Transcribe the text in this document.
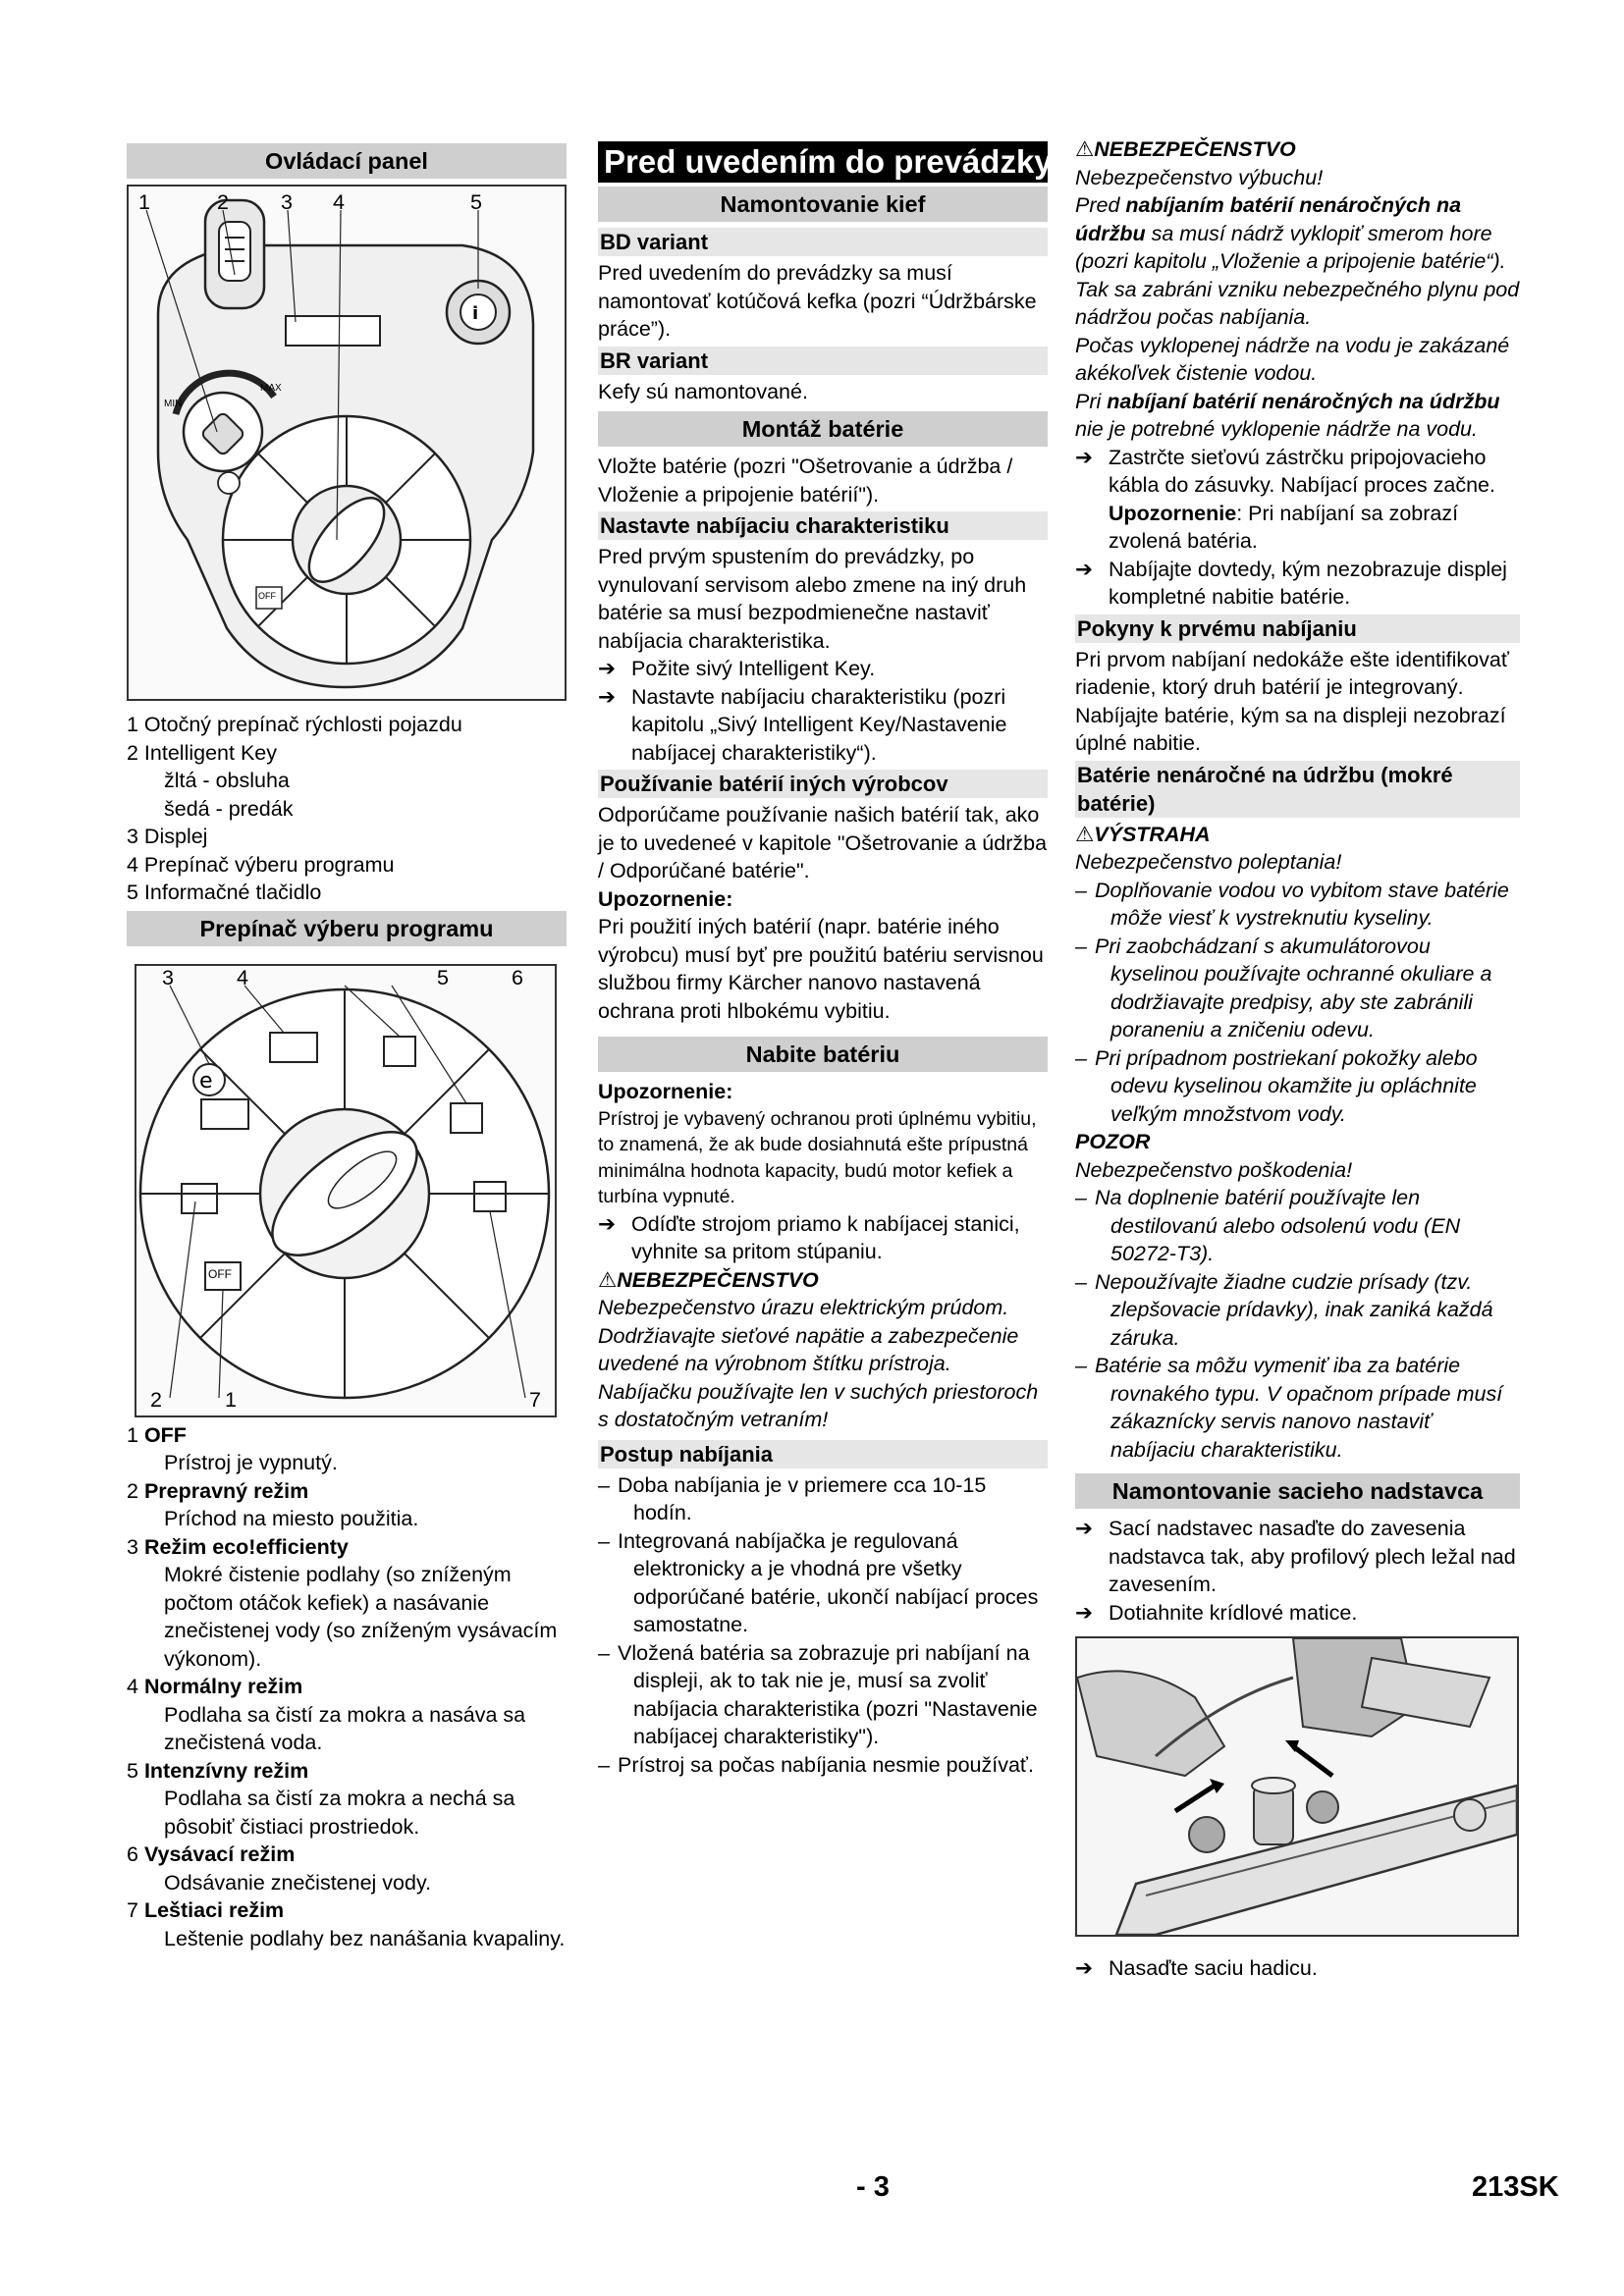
Ovládací panel
i
1	2 3 4	5
MIN
MAX
OFF

1 Otočný prepínač rýchlosti pojazdu

2 Intelligent Key

žltá - obsluha

šedá - predák

3 Displej

4 Prepínač výberu programu

5 Informačné tlačidlo

Prepínač výberu programu
e
3	4	5	6
2	1	7
OFF

1 OFF

Prístroj je vypnutý.

2 Prepravný režim

Príchod na miesto použitia.

3 Režim eco!efficienty

Mokré čistenie podlahy (so zníženým počtom otáčok kefiek) a nasávanie znečistenej vody (so zníženým vysávacím výkonom).

4 Normálny režim

Podlaha sa čistí za mokra a nasáva sa znečistená voda.

5 Intenzívny režim

Podlaha sa čistí za mokra a nechá sa pôsobiť čistiaci prostriedok.

6 Vysávací režim

Odsávanie znečistenej vody.

7 Leštiaci režim

Leštenie podlahy bez nanášania kvapaliny.

Pred uvedením do prevádzky
Namontovanie kief
BD variant

Pred uvedením do prevádzky sa musí namontovať kotúčová kefka (pozri “Údržbárske práce”).

BR variant

Kefy sú namontované.

Montáž batérie

Vložte batérie (pozri "Ošetrovanie a údržba / Vloženie a pripojenie batérií").

Nastavte nabíjaciu charakteristiku

Pred prvým spustením do prevádzky, po vynulovaní servisom alebo zmene na iný druh batérie sa musí bezpodmienečne nastaviť nabíjacia charakteristika.

➔ Požite sivý Intelligent Key.

➔ Nastavte nabíjaciu charakteristiku (pozri kapitolu „Sivý Intelligent Key/Nastavenie nabíjacej charakteristiky“).

Používanie batérií iných výrobcov

Odporúčame používanie našich batérií tak, ako je to uvedeneé v kapitole "Ošetrovanie a údržba / Odporúčané batérie".

Upozornenie:

Pri použití iných batérií (napr. batérie iného výrobcu) musí byť pre použitú batériu servisnou službou firmy Kärcher nanovo nastavená ochrana proti hlbokému vybitiu.

Nabite batériu

Upozornenie:

Prístroj je vybavený ochranou proti úplnému vybitiu, to znamená, že ak bude dosiahnutá ešte prípustná minimálna hodnota kapacity, budú motor kefiek a turbína vypnuté.

➔ Odíďte strojom priamo k nabíjacej stanici, vyhnite sa pritom stúpaniu.

⚠NEBEZPEČENSTVO

Nebezpečenstvo úrazu elektrickým prúdom. Dodržiavajte sieťové napätie a zabezpečenie uvedené na výrobnom štítku prístroja.

Nabíjačku používajte len v suchých priestoroch s dostatočným vetraním!

Postup nabíjania

– Doba nabíjania je v priemere cca 10-15 hodín.

– Integrovaná nabíjačka je regulovaná elektronicky a je vhodná pre všetky odporúčané batérie, ukončí nabíjací proces samostatne.

– Vložená batéria sa zobrazuje pri nabíjaní na displeji, ak to tak nie je, musí sa zvoliť nabíjacia charakteristika (pozri "Nastavenie nabíjacej charakteristiky").

– Prístroj sa počas nabíjania nesmie používať.

⚠NEBEZPEČENSTVO

Nebezpečenstvo výbuchu!

Pred nabíjaním batérií nenáročných na údržbu sa musí nádrž vyklopiť smerom hore (pozri kapitolu „Vloženie a pripojenie batérie“). Tak sa zabráni vzniku nebezpečného plynu pod nádržou počas nabíjania.

Počas vyklopenej nádrže na vodu je zakázané akékoľvek čistenie vodou.

Pri nabíjaní batérií nenáročných na údržbu nie je potrebné vyklopenie nádrže na vodu.

➔ Zastrčte sieťovú zástrčku pripojovacieho kábla do zásuvky. Nabíjací proces začne.

Upozornenie: Pri nabíjaní sa zobrazí zvolená batéria.

➔ Nabíjajte dovtedy, kým nezobrazuje displej kompletné nabitie batérie.

Pokyny k prvému nabíjaniu

Pri prvom nabíjaní nedokáže ešte identifikovať riadenie, ktorý druh batérií je integrovaný. Nabíjajte batérie, kým sa na displeji nezobrazí úplné nabitie.

Batérie nenáročné na údržbu (mokré batérie)

⚠VÝSTRAHA

Nebezpečenstvo poleptania!

– Doplňovanie vodou vo vybitom stave batérie môže viesť k vystreknutiu kyseliny.

– Pri zaobchádzaní s akumulátorovou kyselinou používajte ochranné okuliare a dodržiavajte predpisy, aby ste zabránili poraneniu a zničeniu odevu.

– Pri prípadnom postriekaní pokožky alebo odevu kyselinou okamžite ju opláchnite veľkým množstvom vody.

POZOR

Nebezpečenstvo poškodenia!

– Na doplnenie batérií používajte len destilovanú alebo odsolenú vodu (EN 50272-T3).

– Nepoužívajte žiadne cudzie prísady (tzv. zlepšovacie prídavky), inak zaniká každá záruka.

– Batérie sa môžu vymeniť iba za batérie rovnakého typu. V opačnom prípade musí zákaznícky servis nanovo nastaviť nabíjaciu charakteristiku.

Namontovanie sacieho nadstavca

➔ Sací nadstavec nasaďte do zavesenia nadstavca tak, aby profilový plech ležal nad zavesením.

➔ Dotiahnite krídlové matice.

➔ Nasaďte saciu hadicu.

- 3	213SK
